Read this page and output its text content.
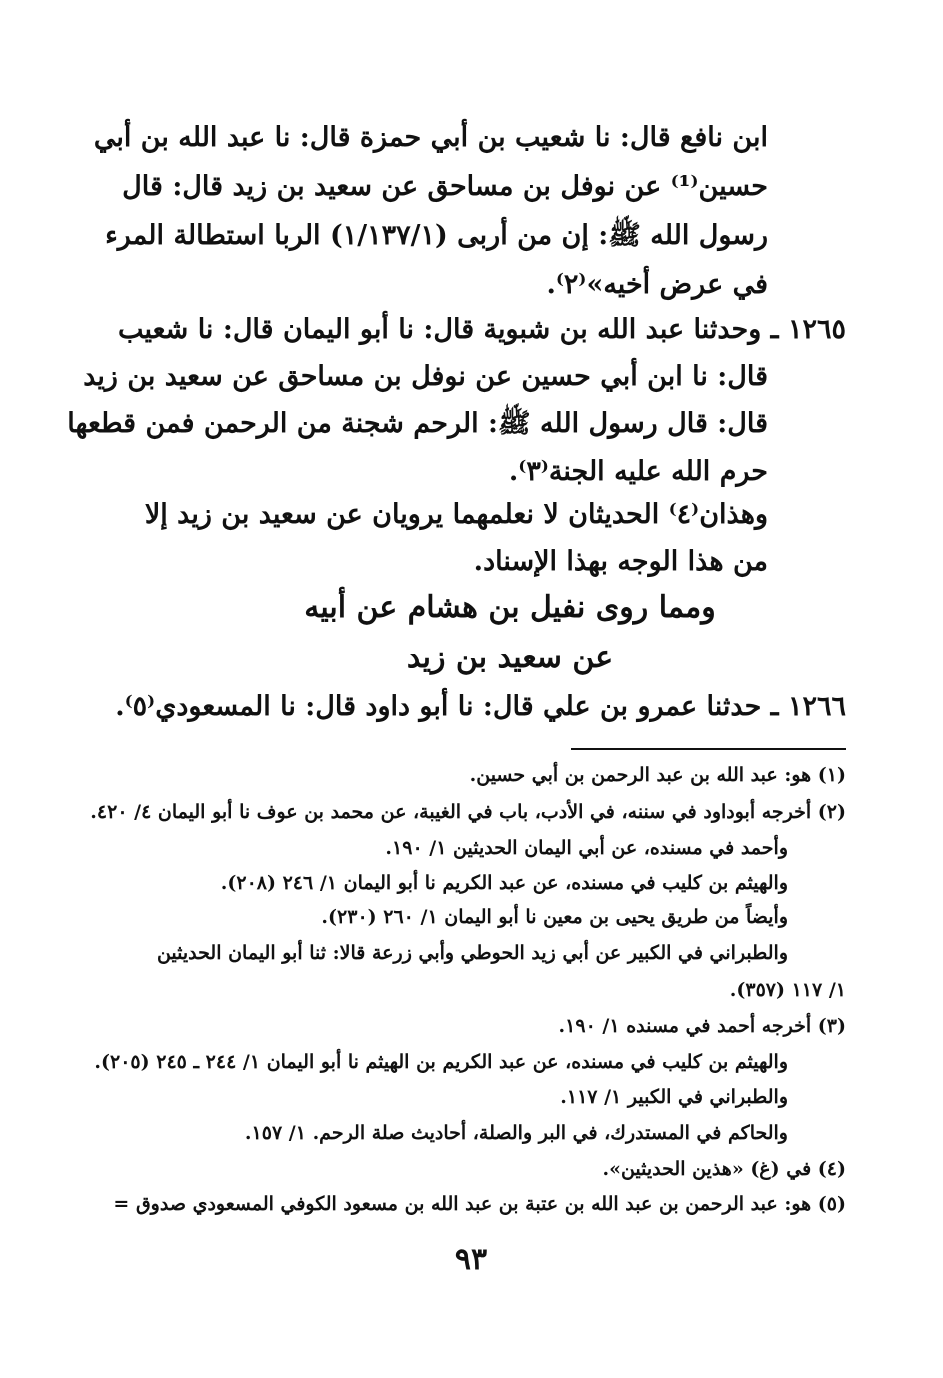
ابن نافع قال: نا شعيب بن أبي حمزة قال: نا عبد الله بن أبي
حسين⁽¹⁾ عن نوفل بن مساحق عن سعيد بن زيد قال: قال
رسول الله ﷺ: إن من أربى (١/١٣٧/١) الربا استطالة المرء
في عرض أخيه»⁽٢⁾.
١٢٦٥ ـ وحدثنا عبد الله بن شبوية قال: نا أبو اليمان قال: نا شعيب
قال: نا ابن أبي حسين عن نوفل بن مساحق عن سعيد بن زيد
قال: قال رسول الله ﷺ: الرحم شجنة من الرحمن فمن قطعها
حرم الله عليه الجنة⁽٣⁾.
وهذان⁽٤⁾ الحديثان لا نعلمهما يرويان عن سعيد بن زيد إلا
من هذا الوجه بهذا الإسناد.
ومما روى نفيل بن هشام عن أبيه
عن سعيد بن زيد
١٢٦٦ ـ حدثنا عمرو بن علي قال: نا أبو داود قال: نا المسعودي⁽٥⁾.
(١) هو: عبد الله بن عبد الرحمن بن أبي حسين.
(٢) أخرجه أبوداود في سننه، في الأدب، باب في الغيبة، عن محمد بن عوف نا أبو اليمان ٤/ ٤٢٠.
وأحمد في مسنده، عن أبي اليمان الحديثين ١/ ١٩٠.
والهيثم بن كليب في مسنده، عن عبد الكريم نا أبو اليمان ١/ ٢٤٦ (٢٠٨).
وأيضاً من طريق يحيى بن معين نا أبو اليمان ١/ ٢٦٠ (٢٣٠).
والطبراني في الكبير عن أبي زيد الحوطي وأبي زرعة قالا: ثنا أبو اليمان الحديثين
١/ ١١٧ (٣٥٧).
(٣) أخرجه أحمد في مسنده ١/ ١٩٠.
والهيثم بن كليب في مسنده، عن عبد الكريم بن الهيثم نا أبو اليمان ١/ ٢٤٤ ـ ٢٤٥ (٢٠٥).
والطبراني في الكبير ١/ ١١٧.
والحاكم في المستدرك، في البر والصلة، أحاديث صلة الرحم. ١/ ١٥٧.
(٤) في (غ) «هذين الحديثين».
(٥) هو: عبد الرحمن بن عبد الله بن عتبة بن عبد الله بن مسعود الكوفي المسعودي صدوق =
٩٣
